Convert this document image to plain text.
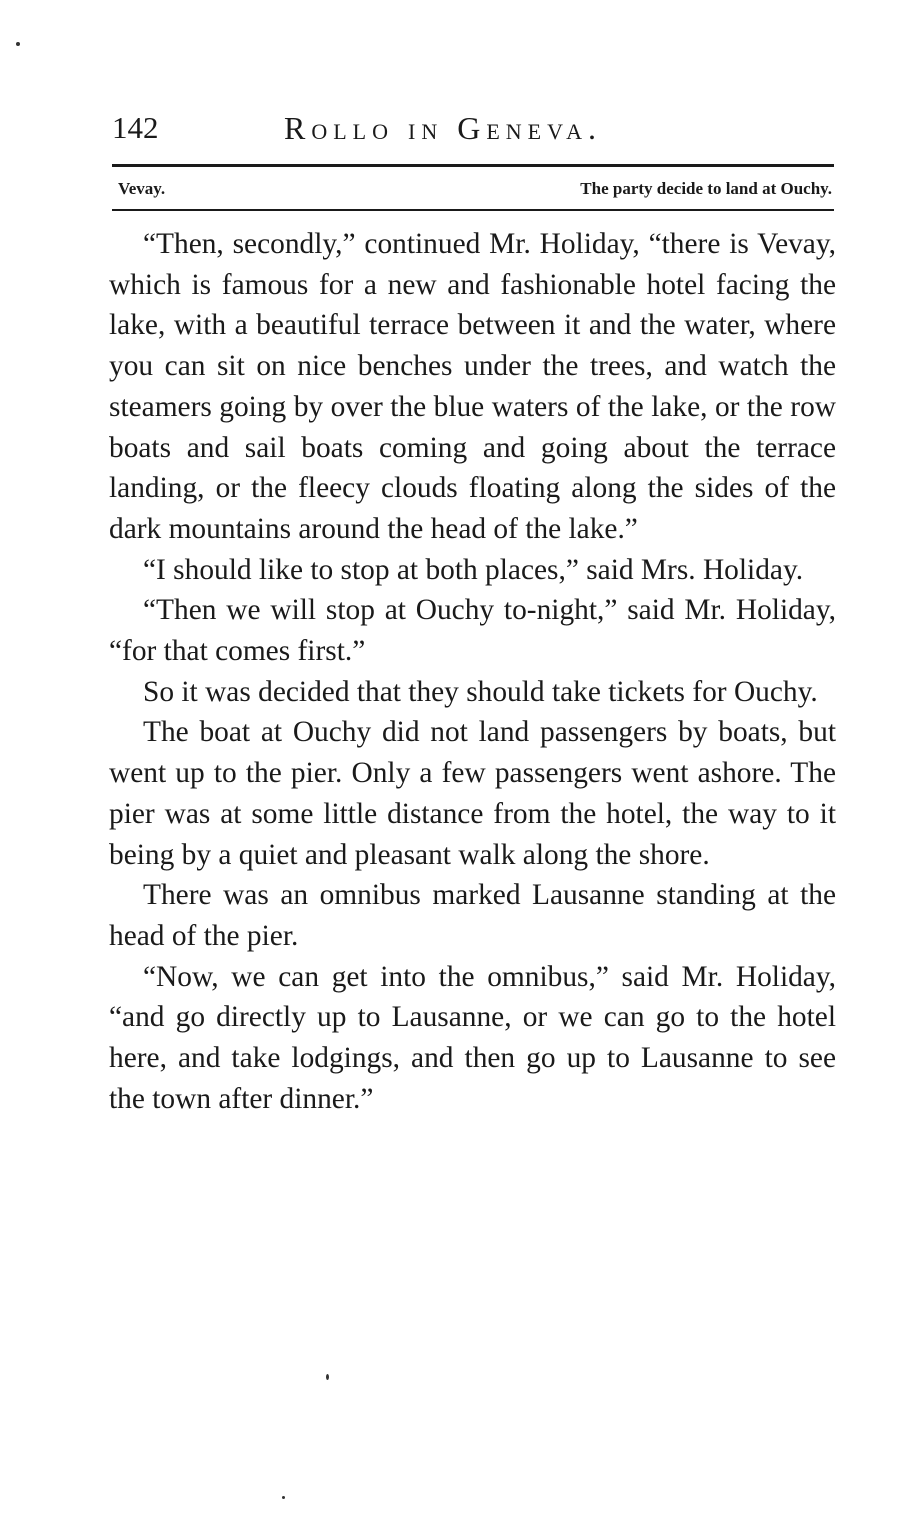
142	Rollo in Geneva.
Vevay.	The party decide to land at Ouchy.

“Then, secondly,” continued Mr. Holiday, “there is Vevay, which is famous for a new and fashionable hotel facing the lake, with a beautiful terrace between it and the water, where you can sit on nice benches under the trees, and watch the steamers going by over the blue waters of the lake, or the row boats and sail boats coming and going about the terrace landing, or the fleecy clouds floating along the sides of the dark mountains around the head of the lake.”

“I should like to stop at both places,” said Mrs. Holiday.

“Then we will stop at Ouchy to-night,” said Mr. Holiday, “for that comes first.”

So it was decided that they should take tickets for Ouchy.

The boat at Ouchy did not land passengers by boats, but went up to the pier. Only a few passengers went ashore. The pier was at some little distance from the hotel, the way to it being by a quiet and pleasant walk along the shore.

There was an omnibus marked Lausanne standing at the head of the pier.

“Now, we can get into the omnibus,” said Mr. Holiday, “and go directly up to Lausanne, or we can go to the hotel here, and take lodgings, and then go up to Lausanne to see the town after dinner.”
